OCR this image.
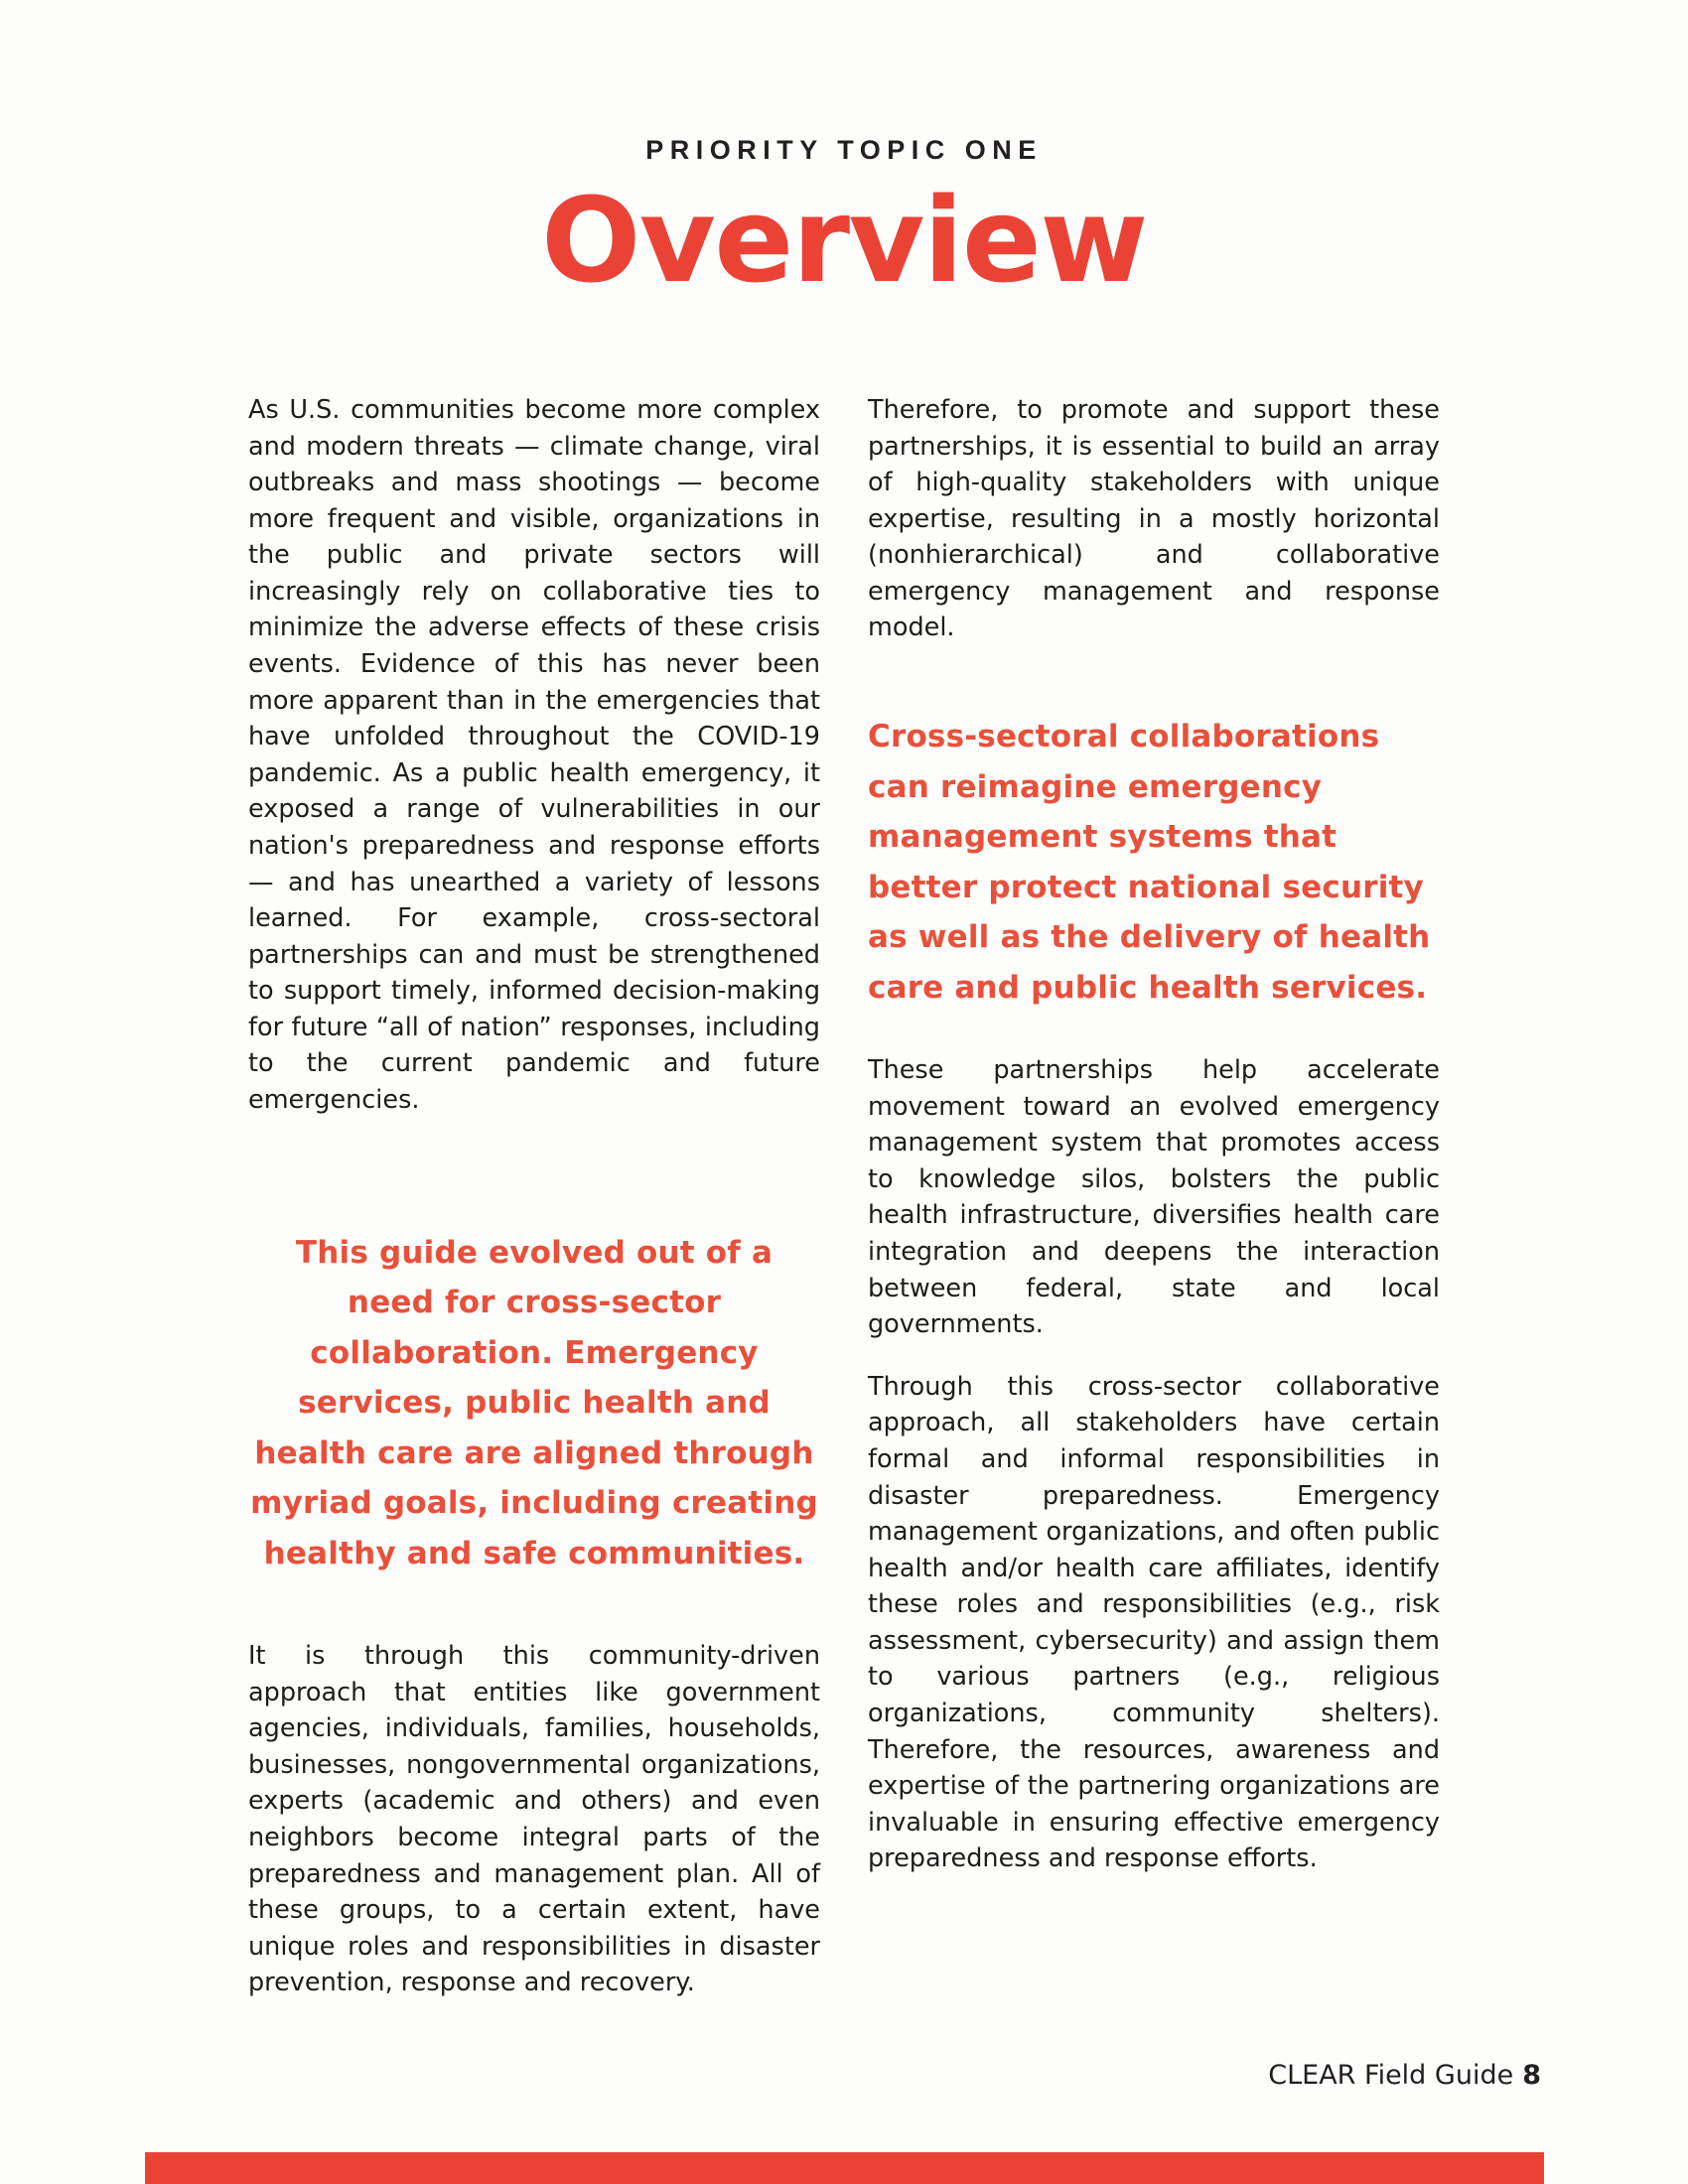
PRIORITY TOPIC ONE
Overview

As U.S. communities become more complex and modern threats — climate change, viral outbreaks and mass shootings — become more frequent and visible, organizations in the public and private sectors will increasingly rely on collaborative ties to minimize the adverse effects of these crisis events. Evidence of this has never been more apparent than in the emergencies that have unfolded throughout the COVID-19 pandemic. As a public health emergency, it exposed a range of vulnerabilities in our nation's preparedness and response efforts — and has unearthed a variety of lessons learned. For example, cross-sectoral partnerships can and must be strengthened to support timely, informed decision-making for future “all of nation” responses, including to the current pandemic and future emergencies.

This guide evolved out of a need for cross-sector collaboration. Emergency services, public health and health care are aligned through myriad goals, including creating healthy and safe communities.

It is through this community-driven approach that entities like government agencies, individuals, families, households, businesses, nongovernmental organizations, experts (academic and others) and even neighbors become integral parts of the preparedness and management plan. All of these groups, to a certain extent, have unique roles and responsibilities in disaster prevention, response and recovery.

Therefore, to promote and support these partnerships, it is essential to build an array of high-quality stakeholders with unique expertise, resulting in a mostly horizontal (nonhierarchical) and collaborative emergency management and response model.

Cross-sectoral collaborations can reimagine emergency management systems that better protect national security as well as the delivery of health care and public health services.

These partnerships help accelerate movement toward an evolved emergency management system that promotes access to knowledge silos, bolsters the public health infrastructure, diversifies health care integration and deepens the interaction between federal, state and local governments.

Through this cross-sector collaborative approach, all stakeholders have certain formal and informal responsibilities in disaster preparedness. Emergency management organizations, and often public health and/or health care affiliates, identify these roles and responsibilities (e.g., risk assessment, cybersecurity) and assign them to various partners (e.g., religious organizations, community shelters). Therefore, the resources, awareness and expertise of the partnering organizations are invaluable in ensuring effective emergency preparedness and response efforts.

CLEAR Field Guide 8
